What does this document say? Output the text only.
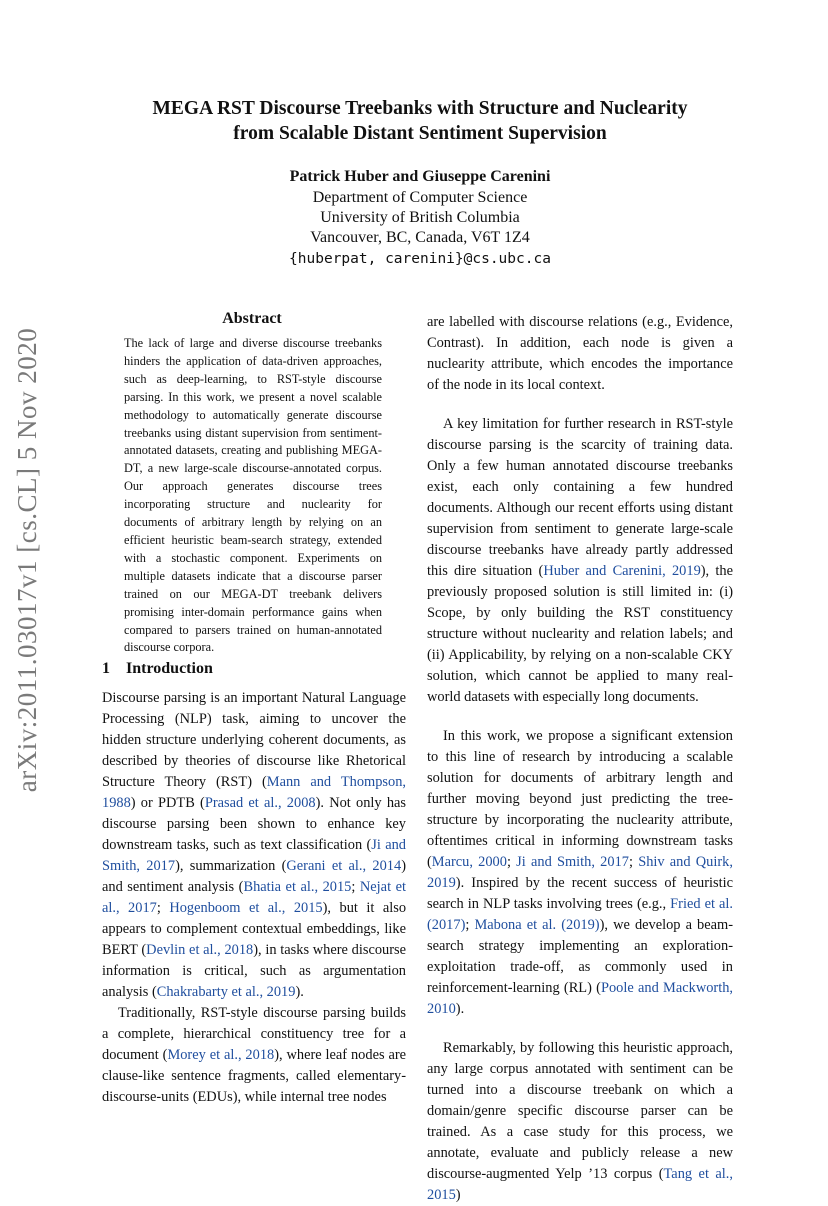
arXiv:2011.03017v1 [cs.CL] 5 Nov 2020
MEGA RST Discourse Treebanks with Structure and Nuclearity
from Scalable Distant Sentiment Supervision
Patrick Huber and Giuseppe Carenini
Department of Computer Science
University of British Columbia
Vancouver, BC, Canada, V6T 1Z4
{huberpat, carenini}@cs.ubc.ca
Abstract
The lack of large and diverse discourse treebanks hinders the application of data-driven approaches, such as deep-learning, to RST-style discourse parsing. In this work, we present a novel scalable methodology to automatically generate discourse treebanks using distant supervision from sentiment-annotated datasets, creating and publishing MEGA-DT, a new large-scale discourse-annotated corpus. Our approach generates discourse trees incorporating structure and nuclearity for documents of arbitrary length by relying on an efficient heuristic beam-search strategy, extended with a stochastic component. Experiments on multiple datasets indicate that a discourse parser trained on our MEGA-DT treebank delivers promising inter-domain performance gains when compared to parsers trained on human-annotated discourse corpora.
1 Introduction

Discourse parsing is an important Natural Language Processing (NLP) task, aiming to uncover the hidden structure underlying coherent documents, as described by theories of discourse like Rhetorical Structure Theory (RST) (Mann and Thompson, 1988) or PDTB (Prasad et al., 2008). Not only has discourse parsing been shown to enhance key downstream tasks, such as text classification (Ji and Smith, 2017), summarization (Gerani et al., 2014) and sentiment analysis (Bhatia et al., 2015; Nejat et al., 2017; Hogenboom et al., 2015), but it also appears to complement contextual embeddings, like BERT (Devlin et al., 2018), in tasks where discourse information is critical, such as argumentation analysis (Chakrabarty et al., 2019).

Traditionally, RST-style discourse parsing builds a complete, hierarchical constituency tree for a document (Morey et al., 2018), where leaf nodes are clause-like sentence fragments, called elementary-discourse-units (EDUs), while internal tree nodes

are labelled with discourse relations (e.g., Evidence, Contrast). In addition, each node is given a nuclearity attribute, which encodes the importance of the node in its local context.

A key limitation for further research in RST-style discourse parsing is the scarcity of training data. Only a few human annotated discourse treebanks exist, each only containing a few hundred documents. Although our recent efforts using distant supervision from sentiment to generate large-scale discourse treebanks have already partly addressed this dire situation (Huber and Carenini, 2019), the previously proposed solution is still limited in: (i) Scope, by only building the RST constituency structure without nuclearity and relation labels; and (ii) Applicability, by relying on a non-scalable CKY solution, which cannot be applied to many real-world datasets with especially long documents.

In this work, we propose a significant extension to this line of research by introducing a scalable solution for documents of arbitrary length and further moving beyond just predicting the tree-structure by incorporating the nuclearity attribute, oftentimes critical in informing downstream tasks (Marcu, 2000; Ji and Smith, 2017; Shiv and Quirk, 2019). Inspired by the recent success of heuristic search in NLP tasks involving trees (e.g., Fried et al. (2017); Mabona et al. (2019)), we develop a beam-search strategy implementing an exploration-exploitation trade-off, as commonly used in reinforcement-learning (RL) (Poole and Mackworth, 2010).

Remarkably, by following this heuristic approach, any large corpus annotated with sentiment can be turned into a discourse treebank on which a domain/genre specific discourse parser can be trained. As a case study for this process, we annotate, evaluate and publicly release a new discourse-augmented Yelp ’13 corpus (Tang et al., 2015)
